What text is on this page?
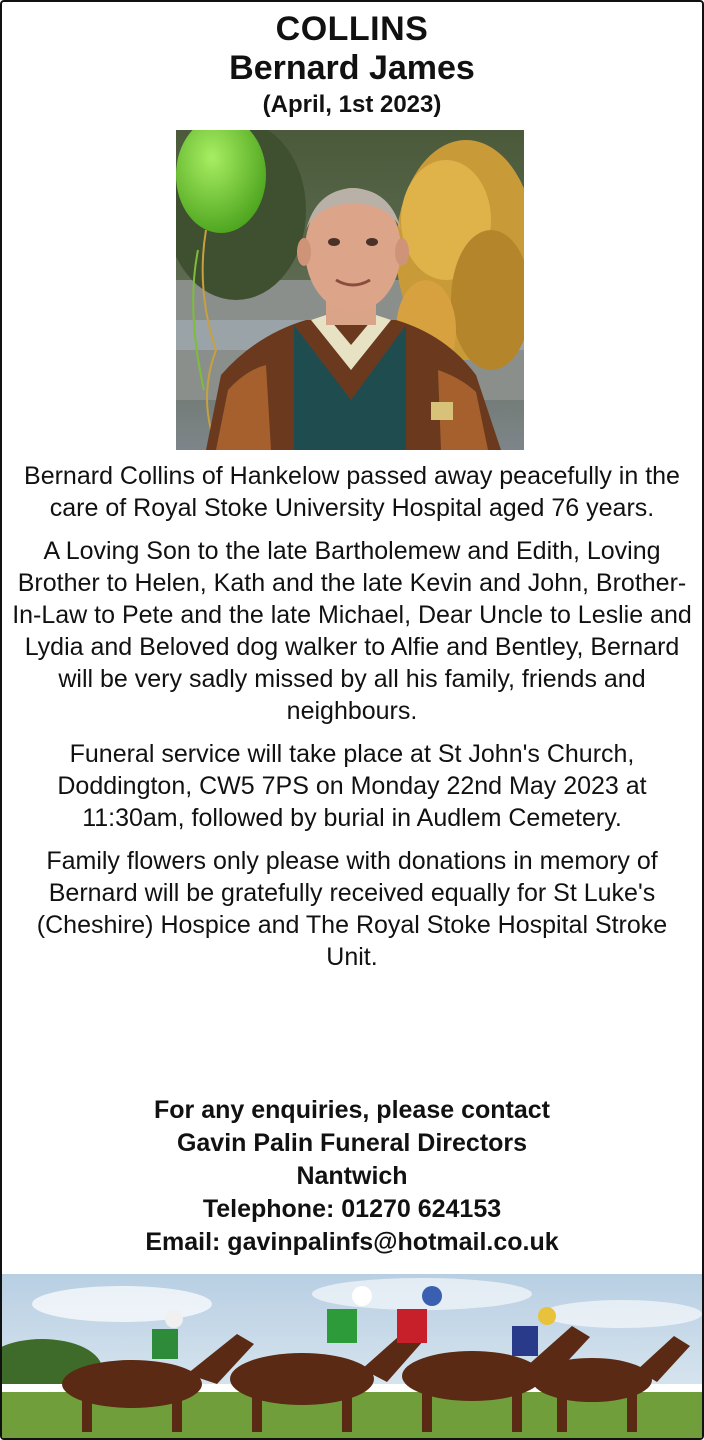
COLLINS
Bernard James
(April, 1st 2023)

Bernard Collins of Hankelow passed away peacefully in the care of Royal Stoke University Hospital aged 76 years.

A Loving Son to the late Bartholemew and Edith, Loving Brother to Helen, Kath and the late Kevin and John, Brother-In-Law to Pete and the late Michael, Dear Uncle to Leslie and Lydia and Beloved dog walker to Alfie and Bentley, Bernard will be very sadly missed by all his family, friends and neighbours.

Funeral service will take place at St John's Church, Doddington, CW5 7PS on Monday 22nd May 2023 at 11:30am, followed by burial in Audlem Cemetery.

Family flowers only please with donations in memory of Bernard will be gratefully received equally for St Luke's (Cheshire) Hospice and The Royal Stoke Hospital Stroke Unit.

For any enquiries, please contact
Gavin Palin Funeral Directors
Nantwich
Telephone: 01270 624153
Email: gavinpalinfs@hotmail.co.uk
